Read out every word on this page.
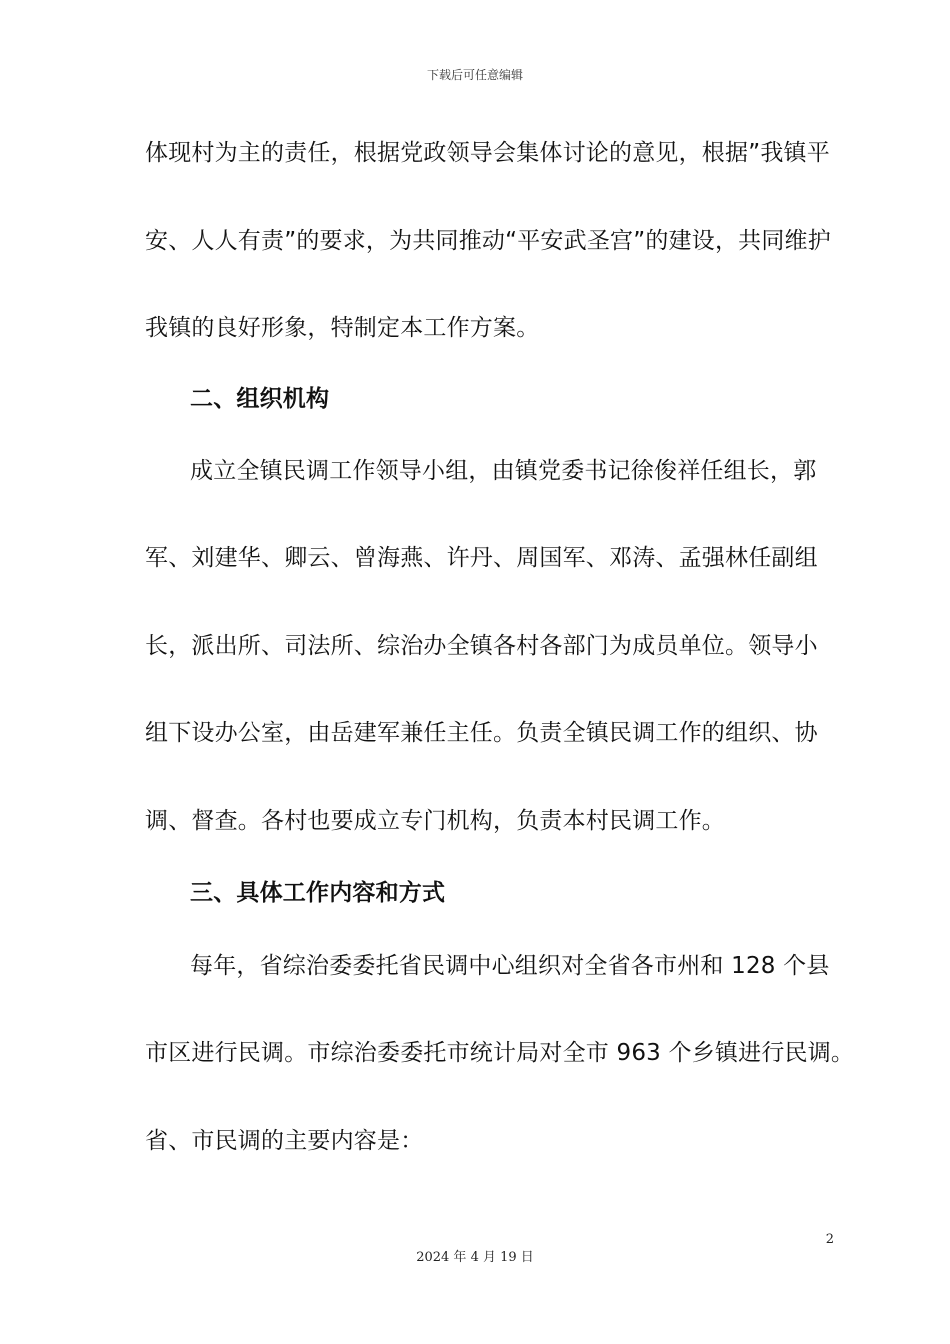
下载后可任意编辑
体现村为主的责任，根据党政领导会集体讨论的意见，根据”我镇平
安、人人有责”的要求，为共同推动“平安武圣宫”的建设，共同维护
我镇的良好形象，特制定本工作方案。
二、组织机构
成立全镇民调工作领导小组，由镇党委书记徐俊祥任组长，郭
军、刘建华、卿云、曾海燕、许丹、周国军、邓涛、孟强林任副组
长，派出所、司法所、综治办全镇各村各部门为成员单位。领导小
组下设办公室，由岳建军兼任主任。负责全镇民调工作的组织、协
调、督查。各村也要成立专门机构，负责本村民调工作。
三、具体工作内容和方式
每年，省综治委委托省民调中心组织对全省各市州和 128 个县
市区进行民调。市综治委委托市统计局对全市 963 个乡镇进行民调。
省、市民调的主要内容是：
2
2024 年 4 月 19 日
